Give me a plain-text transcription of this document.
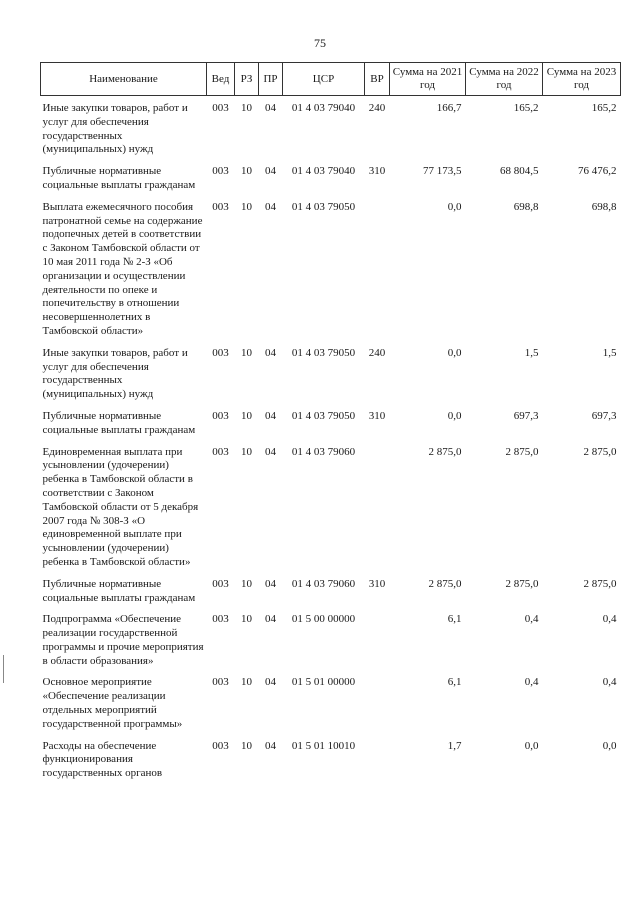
75
Наименование	Вед	РЗ	ПР	ЦСР	ВР	Сумма на 2021 год	Сумма на 2022 год	Сумма на 2023 год
Иные закупки товаров, работ и услуг для обеспечения государственных (муниципальных) нужд	003	10	04	01 4 03 79040	240	166,7	165,2	165,2
Публичные нормативные социальные выплаты гражданам	003	10	04	01 4 03 79040	310	77 173,5	68 804,5	76 476,2
Выплата ежемесячного пособия патронатной семье на содержание подопечных детей в соответствии с Законом Тамбовской области от 10 мая 2011 года № 2-З «Об организации и осуществлении деятельности по опеке и попечительству в отношении несовершеннолетних в Тамбовской области»	003	10	04	01 4 03 79050		0,0	698,8	698,8
Иные закупки товаров, работ и услуг для обеспечения государственных (муниципальных) нужд	003	10	04	01 4 03 79050	240	0,0	1,5	1,5
Публичные нормативные социальные выплаты гражданам	003	10	04	01 4 03 79050	310	0,0	697,3	697,3
Единовременная выплата при усыновлении (удочерении) ребенка в Тамбовской области в соответствии с Законом Тамбовской области от 5 декабря 2007 года № 308-З «О единовременной выплате при усыновлении (удочерении) ребенка в Тамбовской области»	003	10	04	01 4 03 79060		2 875,0	2 875,0	2 875,0
Публичные нормативные социальные выплаты гражданам	003	10	04	01 4 03 79060	310	2 875,0	2 875,0	2 875,0
Подпрограмма «Обеспечение реализации государственной программы и прочие мероприятия в области образования»	003	10	04	01 5 00 00000		6,1	0,4	0,4
Основное мероприятие «Обеспечение реализации отдельных мероприятий государственной программы»	003	10	04	01 5 01 00000		6,1	0,4	0,4
Расходы на обеспечение функционирования государственных органов	003	10	04	01 5 01 10010		1,7	0,0	0,0
